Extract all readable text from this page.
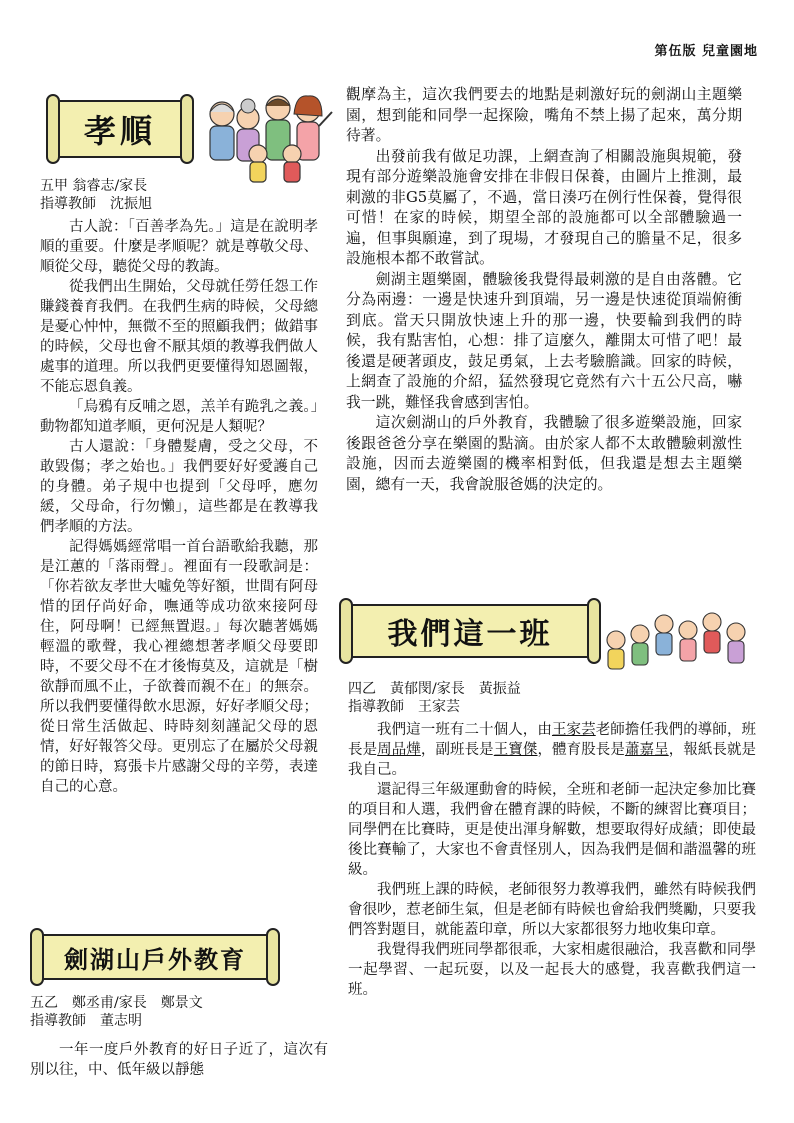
第伍版 兒童園地
孝順
五甲 翁睿志/家長
指導教師　沈振旭

古人說：「百善孝為先。」這是在說明孝順的重要。什麼是孝順呢？就是尊敬父母、順從父母，聽從父母的教誨。

從我們出生開始，父母就任勞任怨工作賺錢養育我們。在我們生病的時候，父母總是憂心忡忡，無微不至的照顧我們；做錯事的時候，父母也會不厭其煩的教導我們做人處事的道理。所以我們更要懂得知恩圖報，不能忘恩負義。

「烏鴉有反哺之恩，羔羊有跪乳之義。」動物都知道孝順，更何況是人類呢？

古人還說：「身體髮膚，受之父母，不敢毀傷；孝之始也。」我們要好好愛護自己的身體。弟子規中也提到「父母呼，應勿緩，父母命，行勿懶」，這些都是在教導我們孝順的方法。

記得媽媽經常唱一首台語歌給我聽，那是江蕙的「落雨聲」。裡面有一段歌詞是：「你若欲友孝世大噓免等好額，世間有阿母惜的囝仔尚好命，嘸通等成功欲來接阿母住，阿母啊！已經無置遐。」每次聽著媽媽輕溫的歌聲，我心裡總想著孝順父母要即時，不要父母不在才後悔莫及，這就是「樹欲靜而風不止，子欲養而親不在」的無奈。所以我們要懂得飲水思源，好好孝順父母；從日常生活做起、時時刻刻謹記父母的恩情，好好報答父母。更別忘了在屬於父母親的節日時，寫張卡片感謝父母的辛勞，表達自己的心意。

劍湖山戶外教育
五乙　鄭丞甫/家長　鄭景文
指導教師　董志明

一年一度戶外教育的好日子近了，這次有別以往，中、低年級以靜態

觀摩為主，這次我們要去的地點是刺激好玩的劍湖山主題樂園，想到能和同學一起探險，嘴角不禁上揚了起來，萬分期待著。

出發前我有做足功課，上網查詢了相關設施與規範，發現有部分遊樂設施會安排在非假日保養，由圖片上推測，最刺激的非G5莫屬了，不過，當日湊巧在例行性保養，覺得很可惜！在家的時候，期望全部的設施都可以全部體驗過一遍，但事與願違，到了現場，才發現自己的膽量不足，很多設施根本都不敢嘗試。

劍湖主題樂園，體驗後我覺得最刺激的是自由落體。它分為兩邊：一邊是快速升到頂端，另一邊是快速從頂端俯衝到底。當天只開放快速上升的那一邊，快要輪到我們的時候，我有點害怕，心想：排了這麼久，離開太可惜了吧！最後還是硬著頭皮，鼓足勇氣，上去考驗膽識。回家的時候，上網查了設施的介紹，猛然發現它竟然有六十五公尺高，嚇我一跳，難怪我會感到害怕。

這次劍湖山的戶外教育，我體驗了很多遊樂設施，回家後跟爸爸分享在樂園的點滴。由於家人都不太敢體驗刺激性設施，因而去遊樂園的機率相對低，但我還是想去主題樂園，總有一天，我會說服爸媽的決定的。

我們這一班
四乙　黃郁閔/家長　黃振益
指導教師　王家芸

我們這一班有二十個人，由王家芸老師擔任我們的導師，班長是周品燁，副班長是王寶傑，體育股長是蕭嘉呈，報紙長就是我自己。

還記得三年級運動會的時候，全班和老師一起決定參加比賽的項目和人選，我們會在體育課的時候，不斷的練習比賽項目；同學們在比賽時，更是使出渾身解數，想要取得好成績；即使最後比賽輸了，大家也不會責怪別人，因為我們是個和諧溫馨的班級。

我們班上課的時候，老師很努力教導我們，雖然有時候我們會很吵，惹老師生氣，但是老師有時候也會給我們獎勵，只要我們答對題目，就能蓋印章，所以大家都很努力地收集印章。

我覺得我們班同學都很乖，大家相處很融洽，我喜歡和同學一起學習、一起玩耍，以及一起長大的感覺，我喜歡我們這一班。
